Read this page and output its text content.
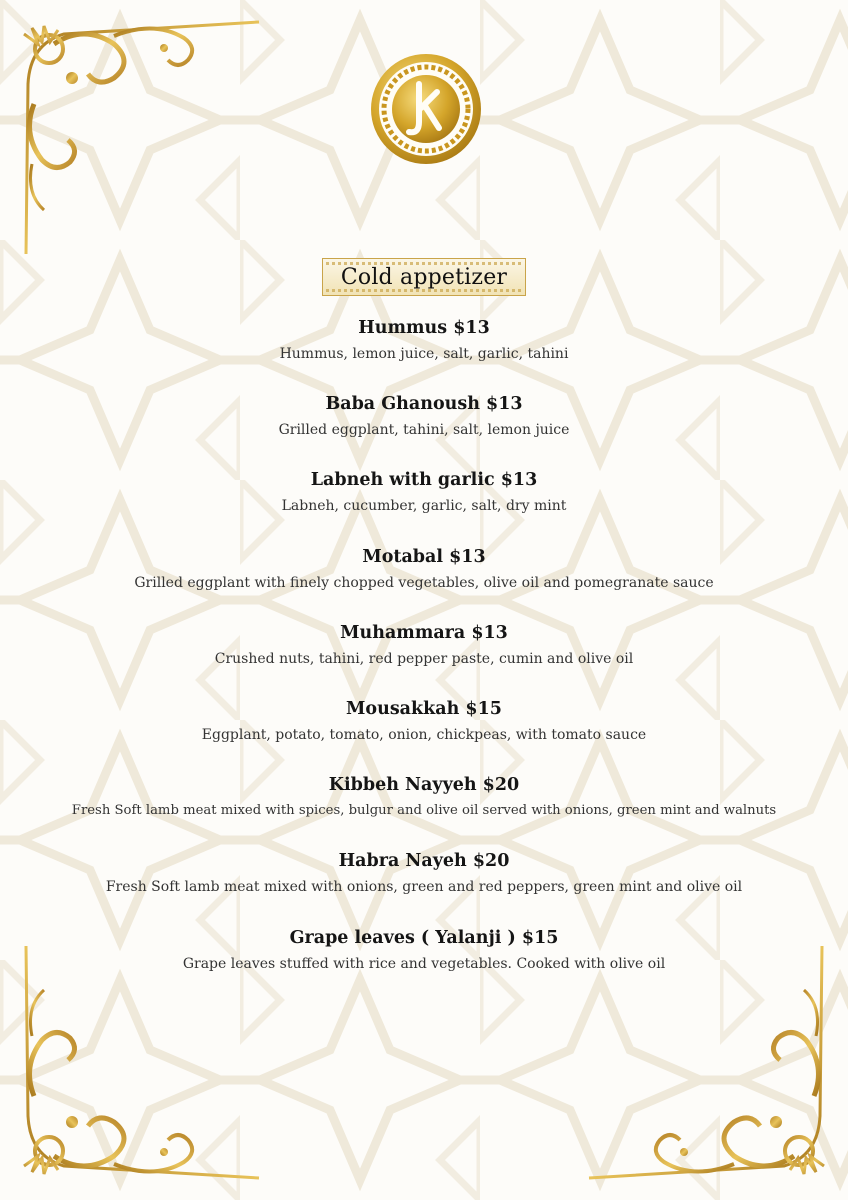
Cold appetizer

Hummus $13

Hummus, lemon juice, salt, garlic, tahini

Baba Ghanoush $13

Grilled eggplant, tahini, salt, lemon juice

Labneh with garlic $13

Labneh, cucumber, garlic, salt, dry mint

Motabal $13

Grilled eggplant with finely chopped vegetables, olive oil and pomegranate sauce

Muhammara $13

Crushed nuts, tahini, red pepper paste, cumin and olive oil

Mousakkah $15

Eggplant, potato, tomato, onion, chickpeas, with tomato sauce

Kibbeh Nayyeh $20

Fresh Soft lamb meat mixed with spices, bulgur and olive oil served with onions, green mint and walnuts

Habra Nayeh $20

Fresh Soft lamb meat mixed with onions, green and red peppers, green mint and olive oil

Grape leaves ( Yalanji ) $15

Grape leaves stuffed with rice and vegetables. Cooked with olive oil
